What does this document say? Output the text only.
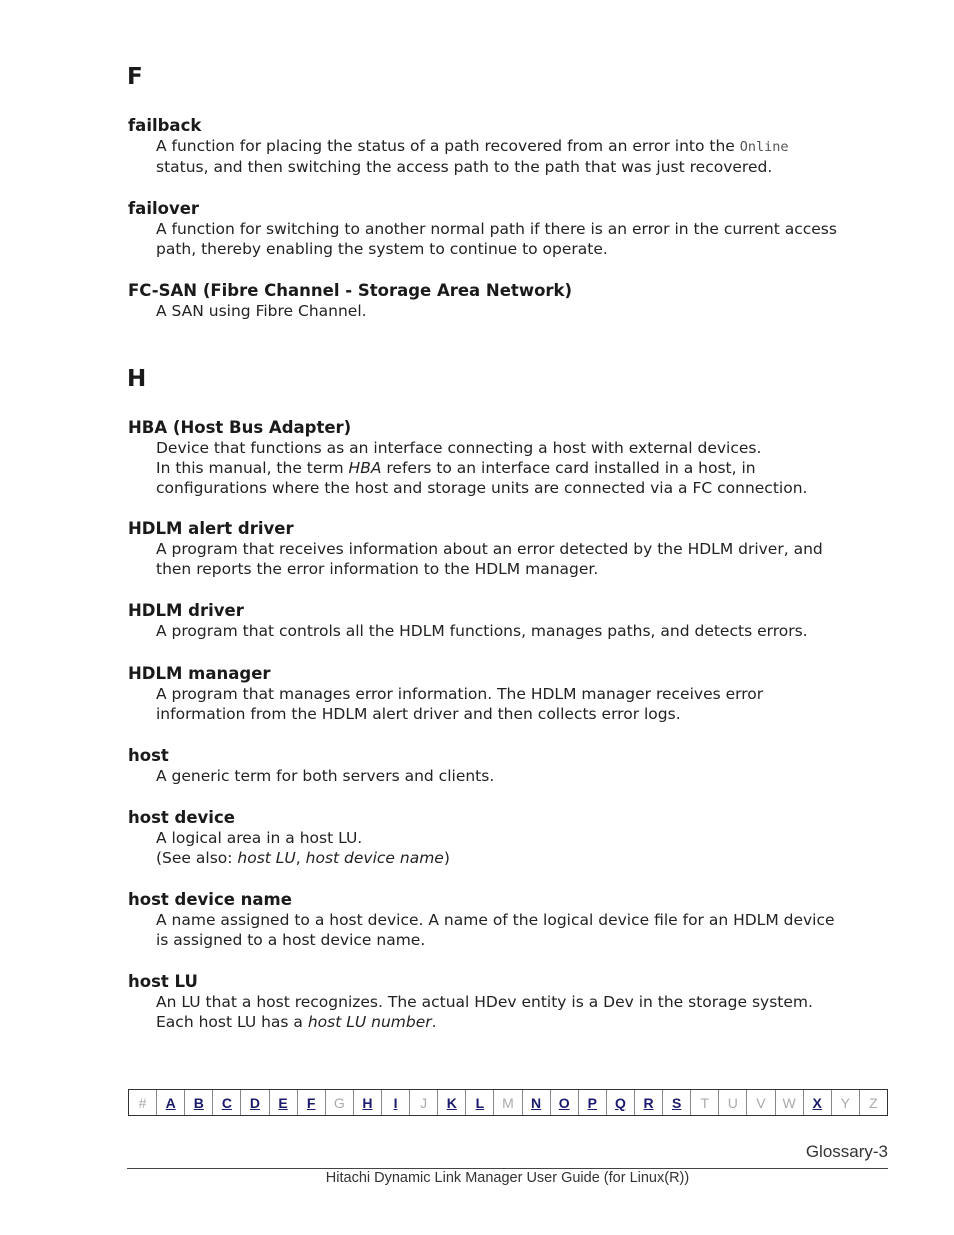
F
failback
A function for placing the status of a path recovered from an error into the Online
status, and then switching the access path to the path that was just recovered.
failover
A function for switching to another normal path if there is an error in the current access
path, thereby enabling the system to continue to operate.
FC-SAN (Fibre Channel - Storage Area Network)
A SAN using Fibre Channel.
H
HBA (Host Bus Adapter)
Device that functions as an interface connecting a host with external devices.
In this manual, the term HBA refers to an interface card installed in a host, in
configurations where the host and storage units are connected via a FC connection.
HDLM alert driver
A program that receives information about an error detected by the HDLM driver, and
then reports the error information to the HDLM manager.
HDLM driver
A program that controls all the HDLM functions, manages paths, and detects errors.
HDLM manager
A program that manages error information. The HDLM manager receives error
information from the HDLM alert driver and then collects error logs.
host
A generic term for both servers and clients.
host device
A logical area in a host LU.
(See also: host LU, host device name)
host device name
A name assigned to a host device. A name of the logical device file for an HDLM device
is assigned to a host device name.
host LU
An LU that a host recognizes. The actual HDev entity is a Dev in the storage system.
Each host LU has a host LU number.
#	A	B	C	D	E	F	G	H	I	J	K	L	M	N	O	P	Q	R	S	T	U	V	W	X	Y	Z
Glossary-3
Hitachi Dynamic Link Manager User Guide (for Linux(R))
